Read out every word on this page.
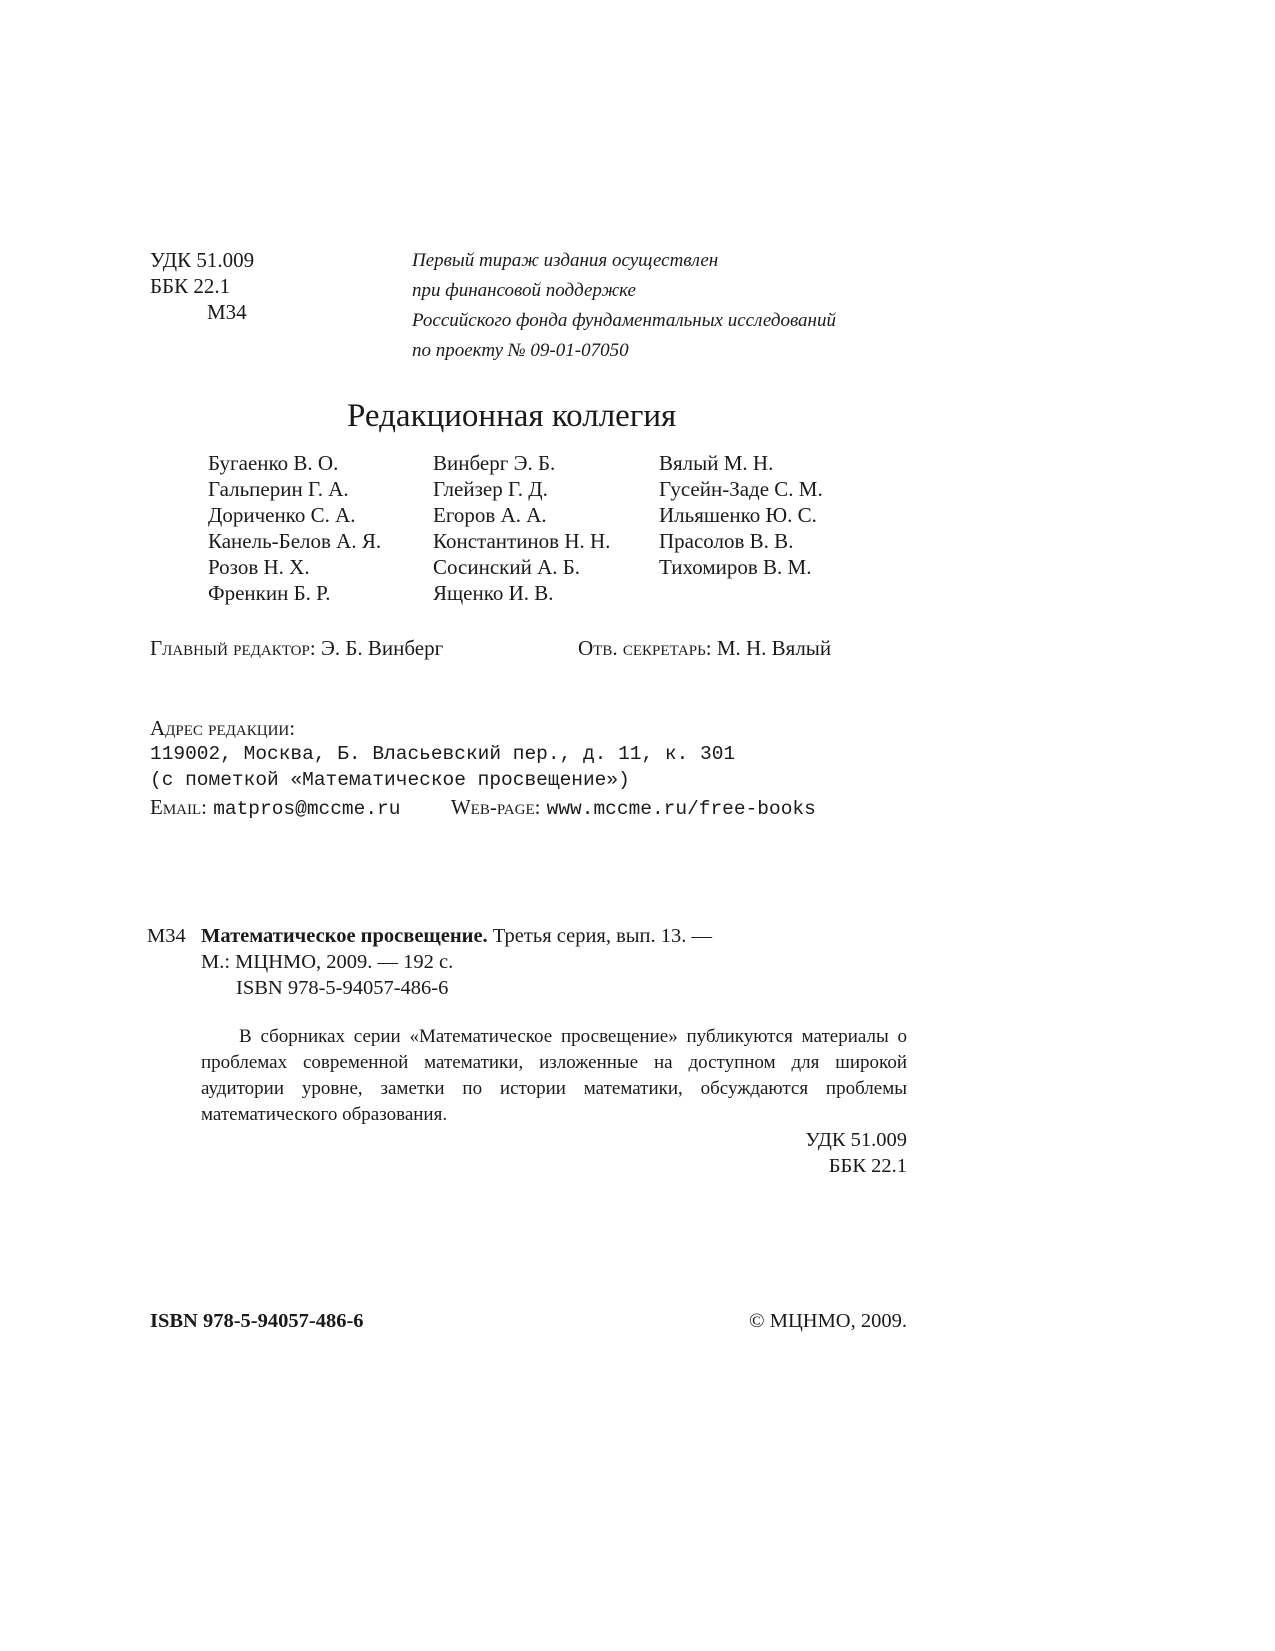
УДК 51.009
ББК 22.1
М34
Первый тираж издания осуществлен
при финансовой поддержке
Российского фонда фундаментальных исследований
по проекту № 09-01-07050
Редакционная коллегия
Бугаенко В. О.
Гальперин Г. А.
Дориченко С. А.
Канель-Белов А. Я.
Розов Н. Х.
Френкин Б. Р.
Винберг Э. Б.
Глейзер Г. Д.
Егоров А. А.
Константинов Н. Н.
Сосинский А. Б.
Ященко И. В.
Вялый М. Н.
Гусейн-Заде С. М.
Ильяшенко Ю. С.
Прасолов В. В.
Тихомиров В. М.
Главный редактор: Э. Б. Винберг	Отв. секретарь: М. Н. Вялый
Адрес редакции:
119002, Москва, Б. Власьевский пер., д. 11, к. 301
(с пометкой «Математическое просвещение»)
Email: matpros@mccme.ru Web-page: www.mccme.ru/free-books
М34 Математическое просвещение. Третья серия, вып. 13. —
М.: МЦНМО, 2009. — 192 с.
ISBN 978-5-94057-486-6
В сборниках серии «Математическое просвещение» публикуются материалы о проблемах современной математики, изложенные на доступном для широкой аудитории уровне, заметки по истории математики, обсуждаются проблемы математического образования.
УДК 51.009
ББК 22.1
ISBN 978-5-94057-486-6	© МЦНМО, 2009.
